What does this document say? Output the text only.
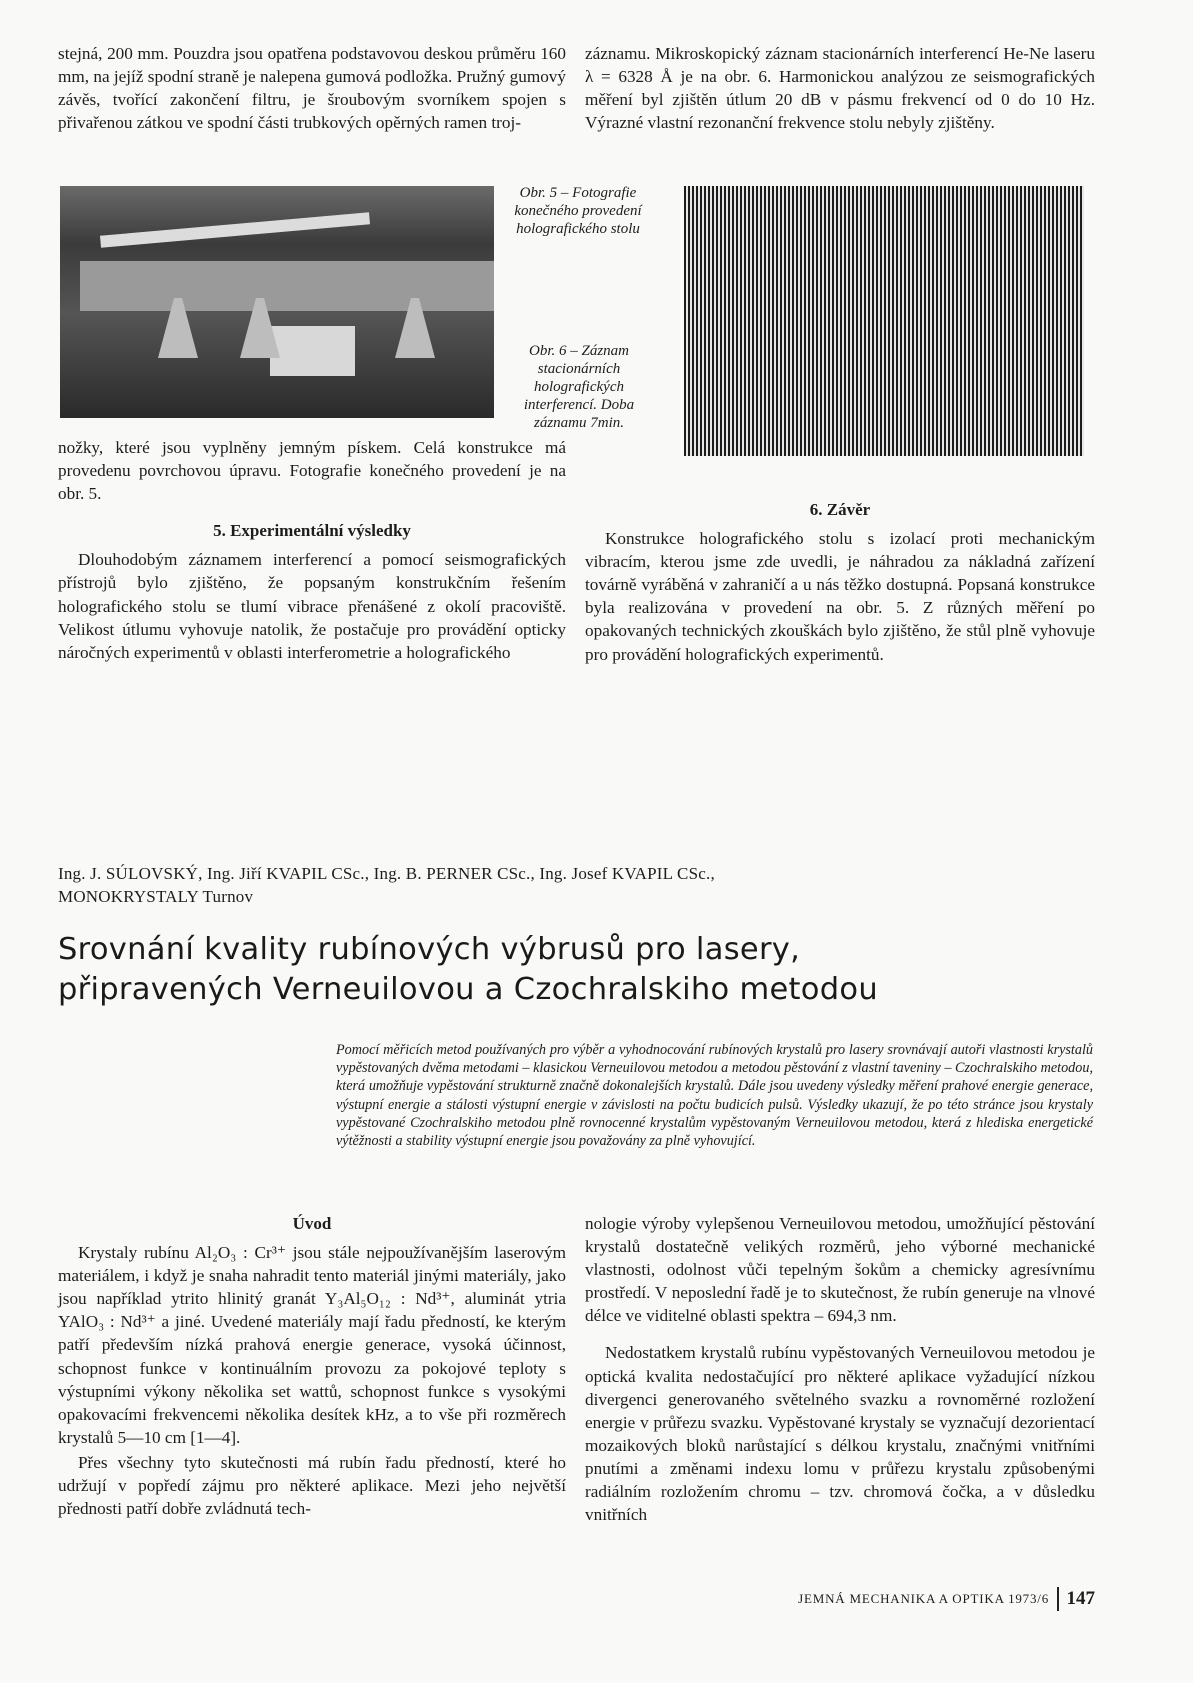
stejná, 200 mm. Pouzdra jsou opatřena podstavovou deskou průměru 160 mm, na jejíž spodní straně je nalepena gumová podložka. Pružný gumový závěs, tvořící zakončení filtru, je šroubovým svorníkem spojen s přivařenou zátkou ve spodní části trubkových opěrných ramen troj-

záznamu. Mikroskopický záznam stacionárních interferencí He-Ne laseru λ = 6328 Å je na obr. 6. Harmonickou analýzou ze seismografických měření byl zjištěn útlum 20 dB v pásmu frekvencí od 0 do 10 Hz. Výrazné vlastní rezonanční frekvence stolu nebyly zjištěny.

Obr. 5 – Fotografie konečného provedení holografického stolu
Obr. 6 – Záznam stacionárních holografických interferencí. Doba záznamu 7min.

nožky, které jsou vyplněny jemným pískem. Celá konstrukce má provedenu povrchovou úpravu. Fotografie konečného provedení je na obr. 5.

5. Experimentální výsledky

Dlouhodobým záznamem interferencí a pomocí seismografických přístrojů bylo zjištěno, že popsaným konstrukčním řešením holografického stolu se tlumí vibrace přenášené z okolí pracoviště. Velikost útlumu vyhovuje natolik, že postačuje pro provádění opticky náročných experimentů v oblasti interferometrie a holografického

6. Závěr

Konstrukce holografického stolu s izolací proti mechanickým vibracím, kterou jsme zde uvedli, je náhradou za nákladná zařízení továrně vyráběná v zahraničí a u nás těžko dostupná. Popsaná konstrukce byla realizována v provedení na obr. 5. Z různých měření po opakovaných technických zkouškách bylo zjištěno, že stůl plně vyhovuje pro provádění holografických experimentů.

Ing. J. SÚLOVSKÝ, Ing. Jiří KVAPIL CSc., Ing. B. PERNER CSc., Ing. Josef KVAPIL CSc.,
MONOKRYSTALY Turnov
Srovnání kvality rubínových výbrusů pro lasery,
připravených Verneuilovou a Czochralskiho metodou
Pomocí měřicích metod používaných pro výběr a vyhodnocování rubínových krystalů pro lasery srovnávají autoři vlastnosti krystalů vypěstovaných dvěma metodami – klasickou Verneuilovou metodou a metodou pěstování z vlastní taveniny – Czochralskiho metodou, která umožňuje vypěstování strukturně značně dokonalejších krystalů. Dále jsou uvedeny výsledky měření prahové energie generace, výstupní energie a stálosti výstupní energie v závislosti na počtu budicích pulsů. Výsledky ukazují, že po této stránce jsou krystaly vypěstované Czochralskiho metodou plně rovnocenné krystalům vypěstovaným Verneuilovou metodou, která z hlediska energetické výtěžnosti a stability výstupní energie jsou považovány za plně vyhovující.

Úvod

Krystaly rubínu Al₂O₃ : Cr³⁺ jsou stále nejpoužívanějším laserovým materiálem, i když je snaha nahradit tento materiál jinými materiály, jako jsou například ytrito hlinitý granát Y₃Al₅O₁₂ : Nd³⁺, aluminát ytria YAlO₃ : Nd³⁺ a jiné. Uvedené materiály mají řadu předností, ke kterým patří především nízká prahová energie generace, vysoká účinnost, schopnost funkce v kontinuálním provozu za pokojové teploty s výstupními výkony několika set wattů, schopnost funkce s vysokými opakovacími frekvencemi několika desítek kHz, a to vše při rozměrech krystalů 5—10 cm [1—4].

Přes všechny tyto skutečnosti má rubín řadu předností, které ho udržují v popředí zájmu pro některé aplikace. Mezi jeho největší přednosti patří dobře zvládnutá tech-

nologie výroby vylepšenou Verneuilovou metodou, umožňující pěstování krystalů dostatečně velikých rozměrů, jeho výborné mechanické vlastnosti, odolnost vůči tepelným šokům a chemicky agresívnímu prostředí. V neposlední řadě je to skutečnost, že rubín generuje na vlnové délce ve viditelné oblasti spektra – 694,3 nm.

Nedostatkem krystalů rubínu vypěstovaných Verneuilovou metodou je optická kvalita nedostačující pro některé aplikace vyžadující nízkou divergenci generovaného světelného svazku a rovnoměrné rozložení energie v průřezu svazku. Vypěstované krystaly se vyznačují dezorientací mozaikových bloků narůstající s délkou krystalu, značnými vnitřními pnutími a změnami indexu lomu v průřezu krystalu způsobenými radiálním rozložením chromu – tzv. chromová čočka, a v důsledku vnitřních

JEMNÁ MECHANIKA A OPTIKA 1973/6 147
